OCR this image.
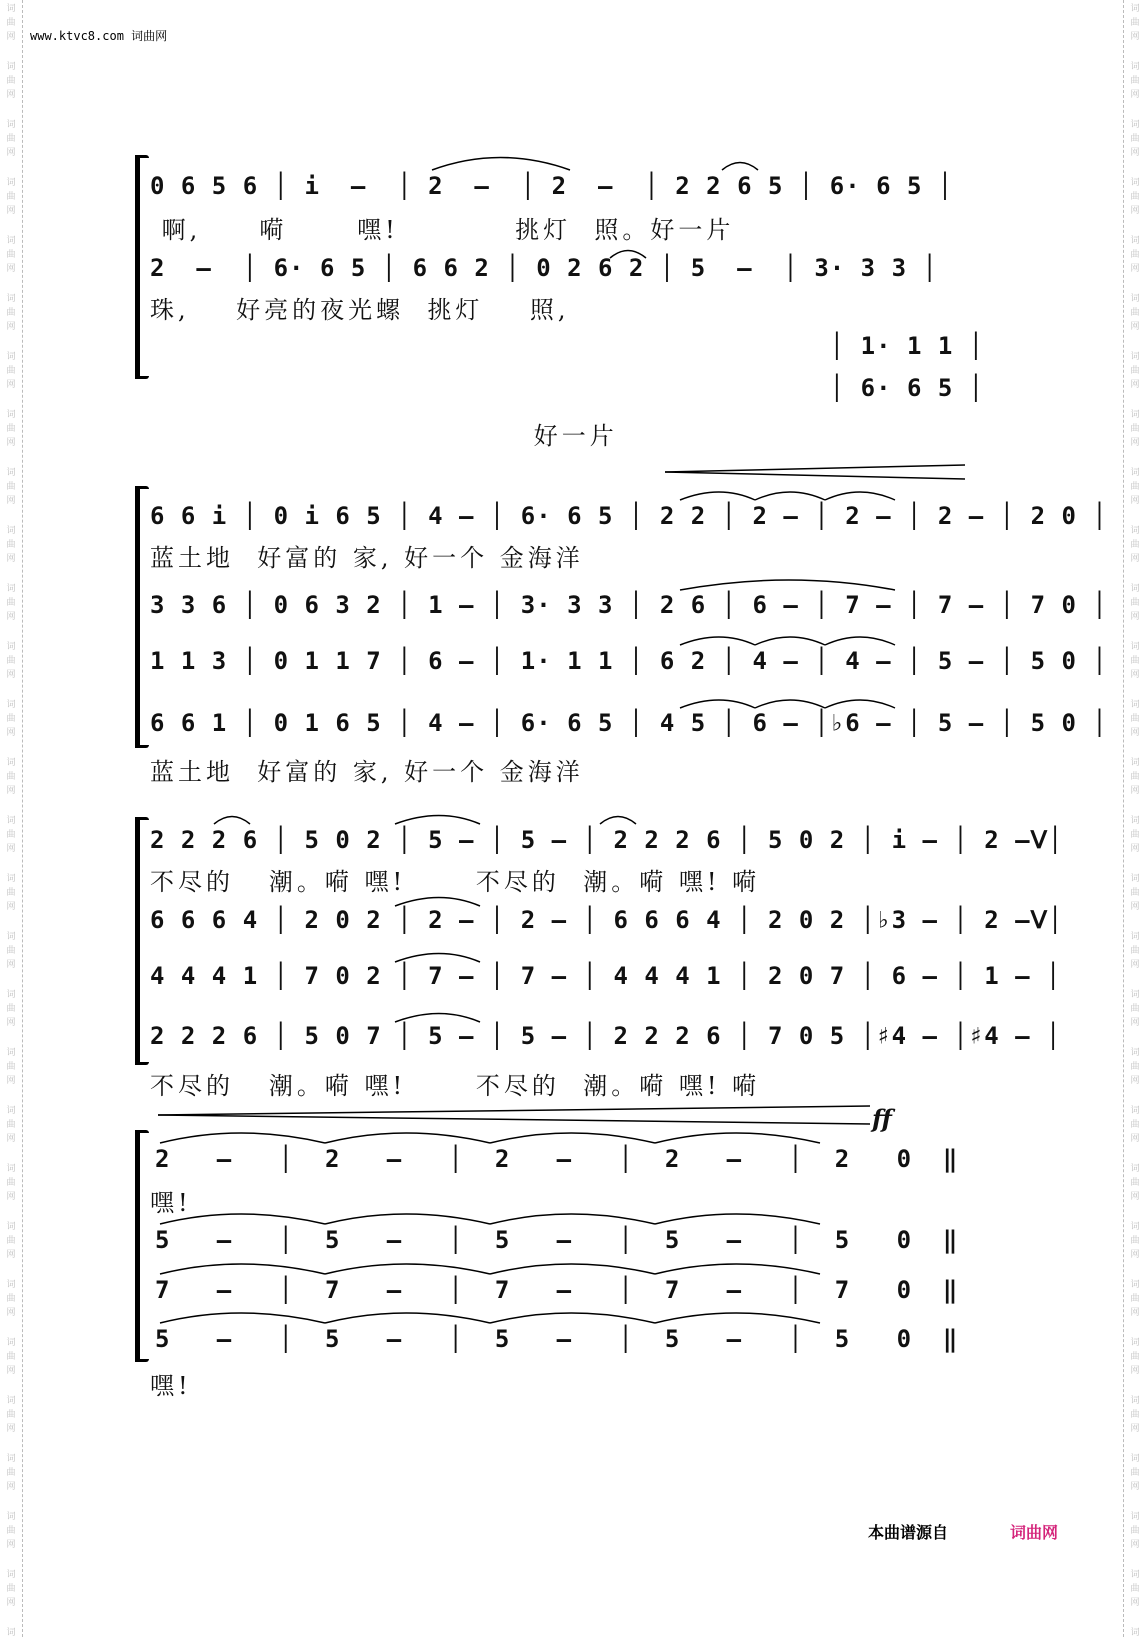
词
曲
网
词
曲
网
词
曲
网
词
曲
网
词
曲
网
词
曲
网
词
曲
网
词
曲
网
词
曲
网
词
曲
网
词
曲
网
词
曲
网
词
曲
网
词
曲
网
词
曲
网
词
曲
网
词
曲
网
词
曲
网
词
曲
网
词
曲
网
词
曲
网
词
曲
网
词
曲
网
词
曲
网
词
曲
网
词
曲
网
词
曲
网
词
曲
网
词
词
曲
网
词
曲
网
词
曲
网
词
曲
网
词
曲
网
词
曲
网
词
曲
网
词
曲
网
词
曲
网
词
曲
网
词
曲
网
词
曲
网
词
曲
网
词
曲
网
词
曲
网
词
曲
网
词
曲
网
词
曲
网
词
曲
网
词
曲
网
词
曲
网
词
曲
网
词
曲
网
词
曲
网
词
曲
网
词
曲
网
词
曲
网
词
曲
网
词
www.ktvc8.com 词曲网
0 6 5 6 │ i  –  │ 2  –  │ 2  –  │ 2 2 6 5 │ 6· 6 5 │
啊,     嗬      嘿!          挑灯  照。好一片
2  –  │ 6· 6 5 │ 6 6 2 │ 0 2 6 2 │ 5  –  │ 3· 3 3 │
珠,    好亮的夜光螺  挑灯    照,
│ 1· 1 1 │
│ 6· 6 5 │
好一片
6 6 i │ 0 i 6 5 │ 4 – │ 6· 6 5 │ 2 2 │ 2 – │ 2 – │ 2 – │ 2 0 │
蓝土地  好富的 家, 好一个 金海洋
3 3 6 │ 0 6 3 2 │ 1 – │ 3· 3 3 │ 2 6 │ 6 – │ 7 – │ 7 – │ 7 0 │
1 1 3 │ 0 1 1 7 │ 6 – │ 1· 1 1 │ 6 2 │ 4 – │ 4 – │ 5 – │ 5 0 │
6 6 1 │ 0 1 6 5 │ 4 – │ 6· 6 5 │ 4 5 │ 6 – │♭6 – │ 5 – │ 5 0 │
蓝土地  好富的 家, 好一个 金海洋
2 2 2 6 │ 5 0 2 │ 5 – │ 5 – │ 2 2 2 6 │ 5 0 2 │ i – │ 2 –ᐯ│
不尽的   潮。嗬 嘿!      不尽的  潮。嗬 嘿! 嗬
6 6 6 4 │ 2 0 2 │ 2 – │ 2 – │ 6 6 6 4 │ 2 0 2 │♭3 – │ 2 –ᐯ│
4 4 4 1 │ 7 0 2 │ 7 – │ 7 – │ 4 4 4 1 │ 2 0 7 │ 6 – │ 1 – │
2 2 2 6 │ 5 0 7 │ 5 – │ 5 – │ 2 2 2 6 │ 7 0 5 │♯4 – │♯4 – │
不尽的   潮。嗬 嘿!      不尽的  潮。嗬 嘿! 嗬
ff
2   –   │  2   –   │  2   –   │  2   –   │  2   0  ‖
嘿!
5   –   │  5   –   │  5   –   │  5   –   │  5   0  ‖
7   –   │  7   –   │  7   –   │  7   –   │  7   0  ‖
5   –   │  5   –   │  5   –   │  5   –   │  5   0  ‖
嘿!
本曲谱源自	词曲网
